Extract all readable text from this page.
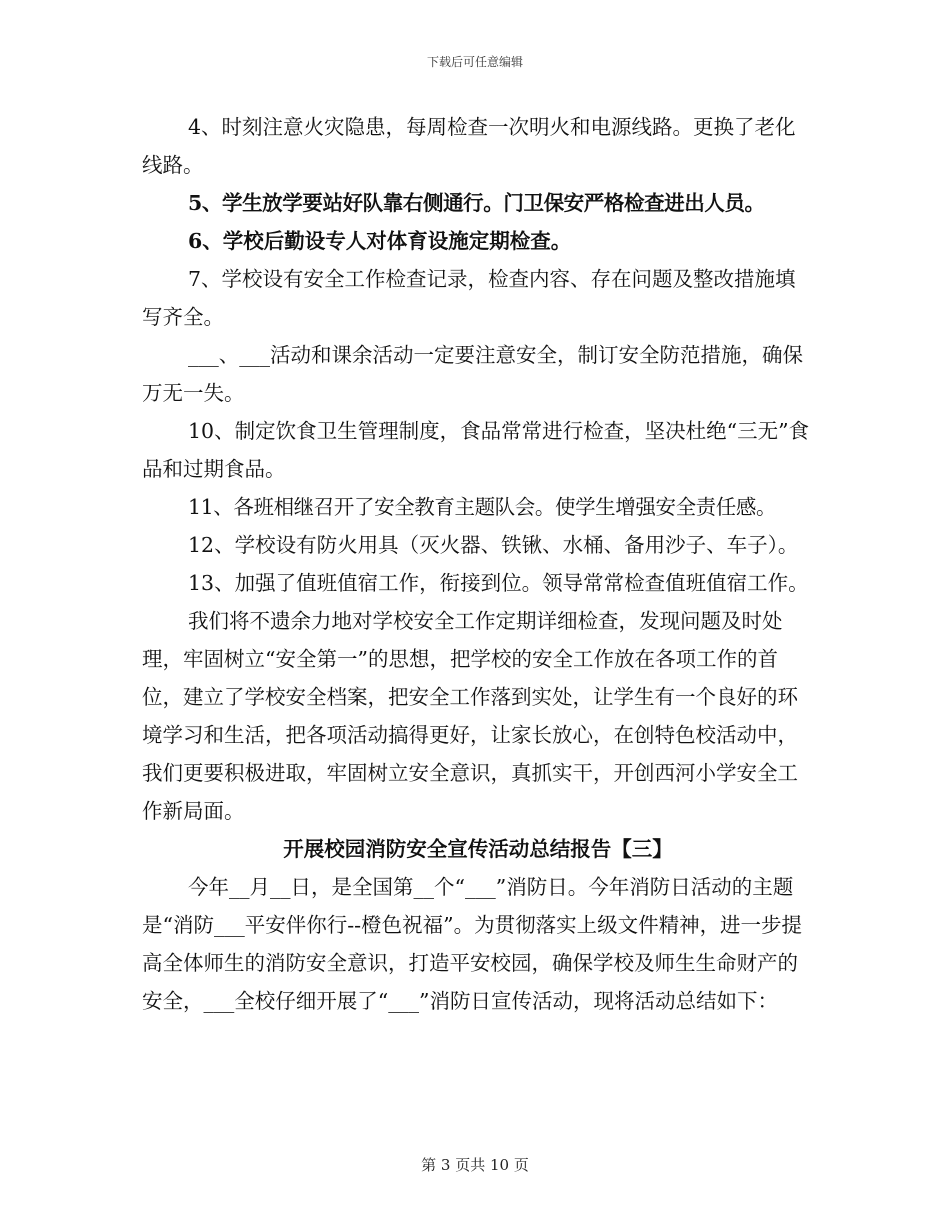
下载后可任意编辑

4、时刻注意火灾隐患，每周检查一次明火和电源线路。更换了老化线路。

5、学生放学要站好队靠右侧通行。门卫保安严格检查进出人员。

6、学校后勤设专人对体育设施定期检查。

7、学校设有安全工作检查记录，检查内容、存在问题及整改措施填写齐全。

___、___活动和课余活动一定要注意安全，制订安全防范措施，确保万无一失。

10、制定饮食卫生管理制度，食品常常进行检查，坚决杜绝“三无”食品和过期食品。

11、各班相继召开了安全教育主题队会。使学生增强安全责任感。

12、学校设有防火用具（灭火器、铁锹、水桶、备用沙子、车子）。

13、加强了值班值宿工作，衔接到位。领导常常检查值班值宿工作。

我们将不遗余力地对学校安全工作定期详细检查，发现问题及时处理，牢固树立“安全第一”的思想，把学校的安全工作放在各项工作的首位，建立了学校安全档案，把安全工作落到实处，让学生有一个良好的环境学习和生活，把各项活动搞得更好，让家长放心，在创特色校活动中，我们更要积极进取，牢固树立安全意识，真抓实干，开创西河小学安全工作新局面。

开展校园消防安全宣传活动总结报告【三】

今年__月__日，是全国第__个“___”消防日。今年消防日活动的主题是“消防___平安伴你行--橙色祝福”。为贯彻落实上级文件精神，进一步提高全体师生的消防安全意识，打造平安校园，确保学校及师生生命财产的安全，___全校仔细开展了“___”消防日宣传活动，现将活动总结如下：

第 3 页共 10 页
